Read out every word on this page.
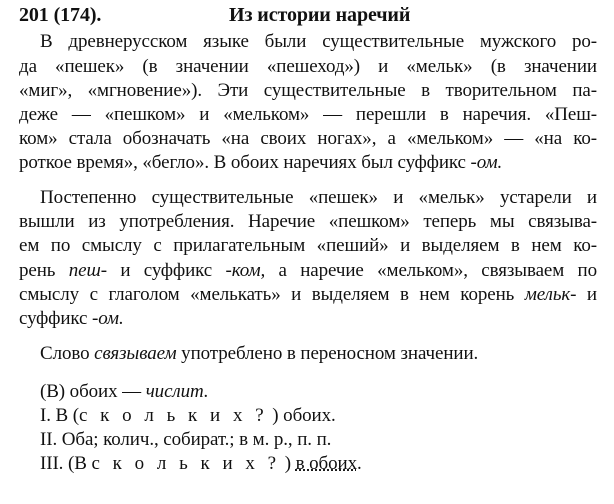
201 (174).	Из истории наречий
В древнерусском языке были существительные мужского ро-
да «пешек» (в значении «пешеход») и «мельк» (в значении
«миг», «мгновение»). Эти существительные в творительном па-
деже — «пешком» и «мельком» — перешли в наречия. «Пеш-
ком» стала обозначать «на своих ногах», а «мельком» — «на ко-
роткое время», «бегло». В обоих наречиях был суффикс -ом.
Постепенно существительные «пешек» и «мельк» устарели и
вышли из употребления. Наречие «пешком» теперь мы связыва-
ем по смыслу с прилагательным «пеший» и выделяем в нем ко-
рень пеш- и суффикс -ком, а наречие «мельком», связываем по
смыслу с глаголом «мелькать» и выделяем в нем корень мельк- и
суффикс -ом.
Слово связываем употреблено в переносном значении.
(В) обоих — числит.
I. В (с к о л ь к и х ? ) обоих.
II. Оба; колич., собират.; в м. р., п. п.
III. (В с к о л ь к и х ? ) в обоих.
